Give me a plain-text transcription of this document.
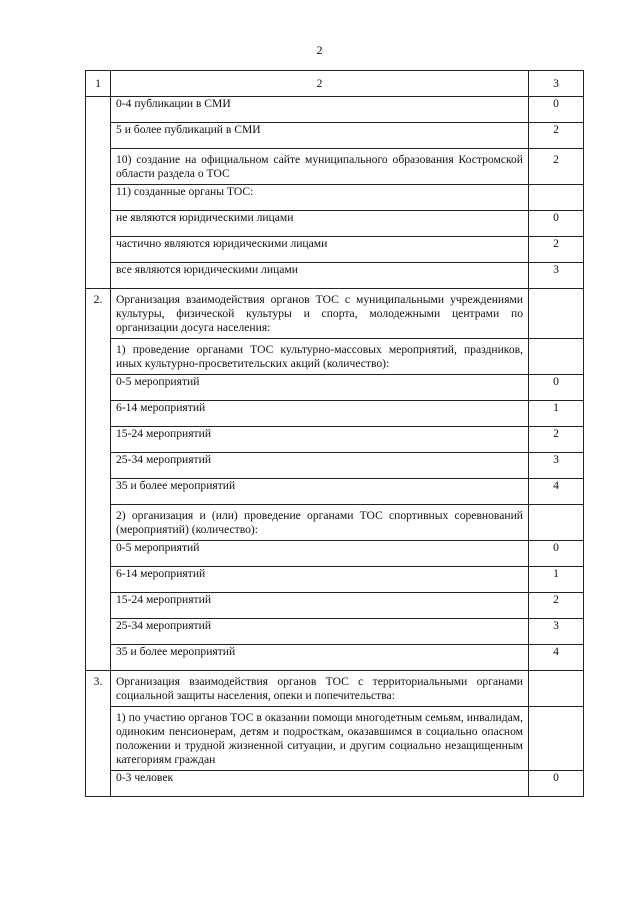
2
1	2	3
	0-4 публикации в СМИ	0
	5 и более публикаций в СМИ	2
	10) создание на официальном сайте муниципального образования Костромской области раздела о ТОС	2
	11) созданные органы ТОС:	
	не являются юридическими лицами	0
	частично являются юридическими лицами	2
	все являются юридическими лицами	3
2.	Организация взаимодействия органов ТОС с муниципальными учреждениями культуры, физической культуры и спорта, молодежными центрами по организации досуга населения:	
	1) проведение органами ТОС культурно-массовых мероприятий, праздников, иных культурно-просветительских акций (количество):	
	0-5 мероприятий	0
	6-14 мероприятий	1
	15-24 мероприятий	2
	25-34 мероприятий	3
	35 и более мероприятий	4
	2) организация и (или) проведение органами ТОС спортивных соревнований (мероприятий) (количество):	
	0-5 мероприятий	0
	6-14 мероприятий	1
	15-24 мероприятий	2
	25-34 мероприятий	3
	35 и более мероприятий	4
3.	Организация взаимодействия органов ТОС с территориальными органами социальной защиты населения, опеки и попечительства:	
	1) по участию органов ТОС в оказании помощи многодетным семьям, инвалидам, одиноким пенсионерам, детям и подросткам, оказавшимся в социально опасном положении и трудной жизненной ситуации, и другим социально незащищенным категориям граждан	
	0-3 человек	0
